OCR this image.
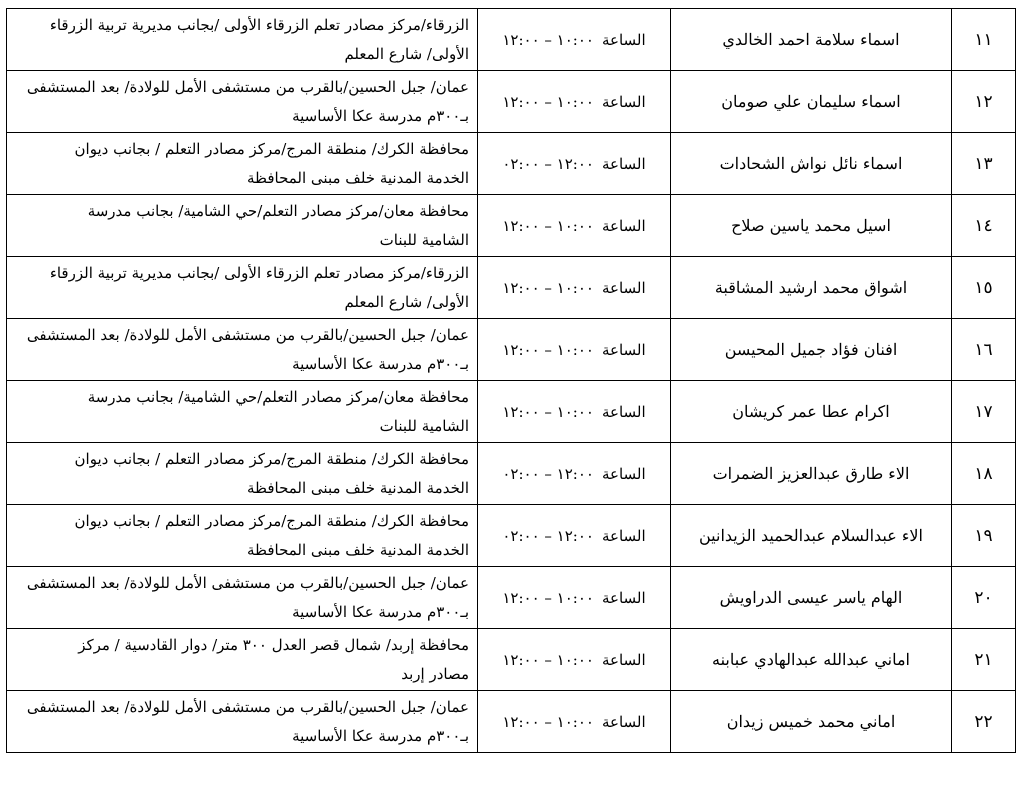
١١	اسماء سلامة احمد الخالدي	الساعة١٠:٠٠ – ١٢:٠٠	الزرقاء/مركز مصادر تعلم الزرقاء الأولى /بجانب مديرية تربية الزرقاء
الأولى/ شارع المعلم

١٢	اسماء سليمان علي صومان	الساعة١٠:٠٠ – ١٢:٠٠	عمان/ جبل الحسين/بالقرب من مستشفى الأمل للولادة/ بعد المستشفى
بـ٣٠٠م مدرسة عكا الأساسية

١٣	اسماء نائل نواش الشحادات	الساعة١٢:٠٠ – ٠٢:٠٠	محافظة الكرك/ منطقة المرج/مركز مصادر التعلم / بجانب ديوان
الخدمة المدنية خلف مبنى المحافظة

١٤	اسيل محمد ياسين صلاح	الساعة١٠:٠٠ – ١٢:٠٠	محافظة معان/مركز مصادر التعلم/حي الشامية/ بجانب مدرسة
الشامية للبنات

١٥	اشواق محمد ارشيد المشاقبة	الساعة١٠:٠٠ – ١٢:٠٠	الزرقاء/مركز مصادر تعلم الزرقاء الأولى /بجانب مديرية تربية الزرقاء
الأولى/ شارع المعلم

١٦	افنان فؤاد جميل المحيسن	الساعة١٠:٠٠ – ١٢:٠٠	عمان/ جبل الحسين/بالقرب من مستشفى الأمل للولادة/ بعد المستشفى
بـ٣٠٠م مدرسة عكا الأساسية

١٧	اكرام عطا عمر كريشان	الساعة١٠:٠٠ – ١٢:٠٠	محافظة معان/مركز مصادر التعلم/حي الشامية/ بجانب مدرسة
الشامية للبنات

١٨	الاء طارق عبدالعزيز الضمرات	الساعة١٢:٠٠ – ٠٢:٠٠	محافظة الكرك/ منطقة المرج/مركز مصادر التعلم / بجانب ديوان
الخدمة المدنية خلف مبنى المحافظة

١٩	الاء عبدالسلام عبدالحميد الزيدانين	الساعة١٢:٠٠ – ٠٢:٠٠	محافظة الكرك/ منطقة المرج/مركز مصادر التعلم / بجانب ديوان
الخدمة المدنية خلف مبنى المحافظة

٢٠	الهام ياسر عيسى الدراويش	الساعة١٠:٠٠ – ١٢:٠٠	عمان/ جبل الحسين/بالقرب من مستشفى الأمل للولادة/ بعد المستشفى
بـ٣٠٠م مدرسة عكا الأساسية

٢١	اماني عبدالله عبدالهادي عبابنه	الساعة١٠:٠٠ – ١٢:٠٠	محافظة إربد/ شمال قصر العدل ٣٠٠ متر/ دوار القادسية / مركز
مصادر إربد

٢٢	اماني محمد خميس زيدان	الساعة١٠:٠٠ – ١٢:٠٠	عمان/ جبل الحسين/بالقرب من مستشفى الأمل للولادة/ بعد المستشفى
بـ٣٠٠م مدرسة عكا الأساسية
